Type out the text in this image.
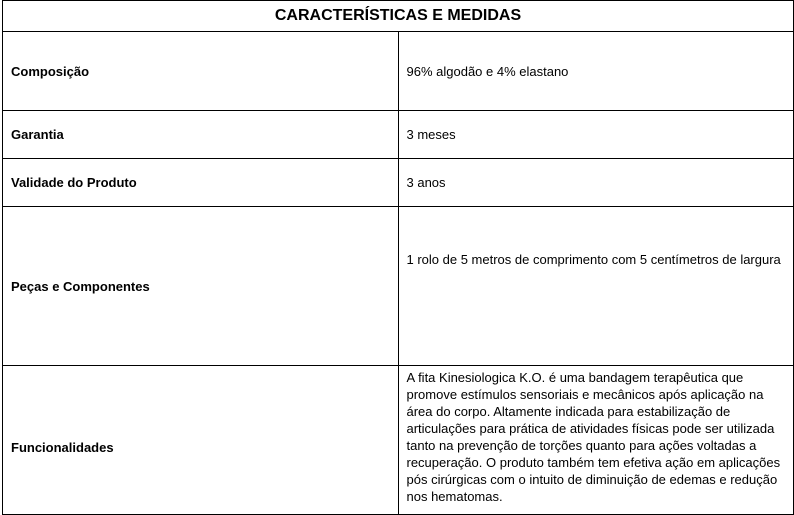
CARACTERÍSTICAS E MEDIDAS	
Composição	96% algodão e 4% elastano
Garantia	3 meses
Validade do Produto	3 anos
Peças e Componentes	1 rolo de 5 metros de comprimento com 5 centímetros de largura
Funcionalidades	A fita Kinesiologica K.O. é uma bandagem terapêutica que promove estímulos sensoriais e mecânicos após aplicação na área do corpo. Altamente indicada para estabilização de articulações para prática de atividades físicas pode ser utilizada tanto na prevenção de torções quanto para ações voltadas a recuperação. O produto também tem efetiva ação em aplicações pós cirúrgicas com o intuito de diminuição de edemas e redução nos hematomas.
